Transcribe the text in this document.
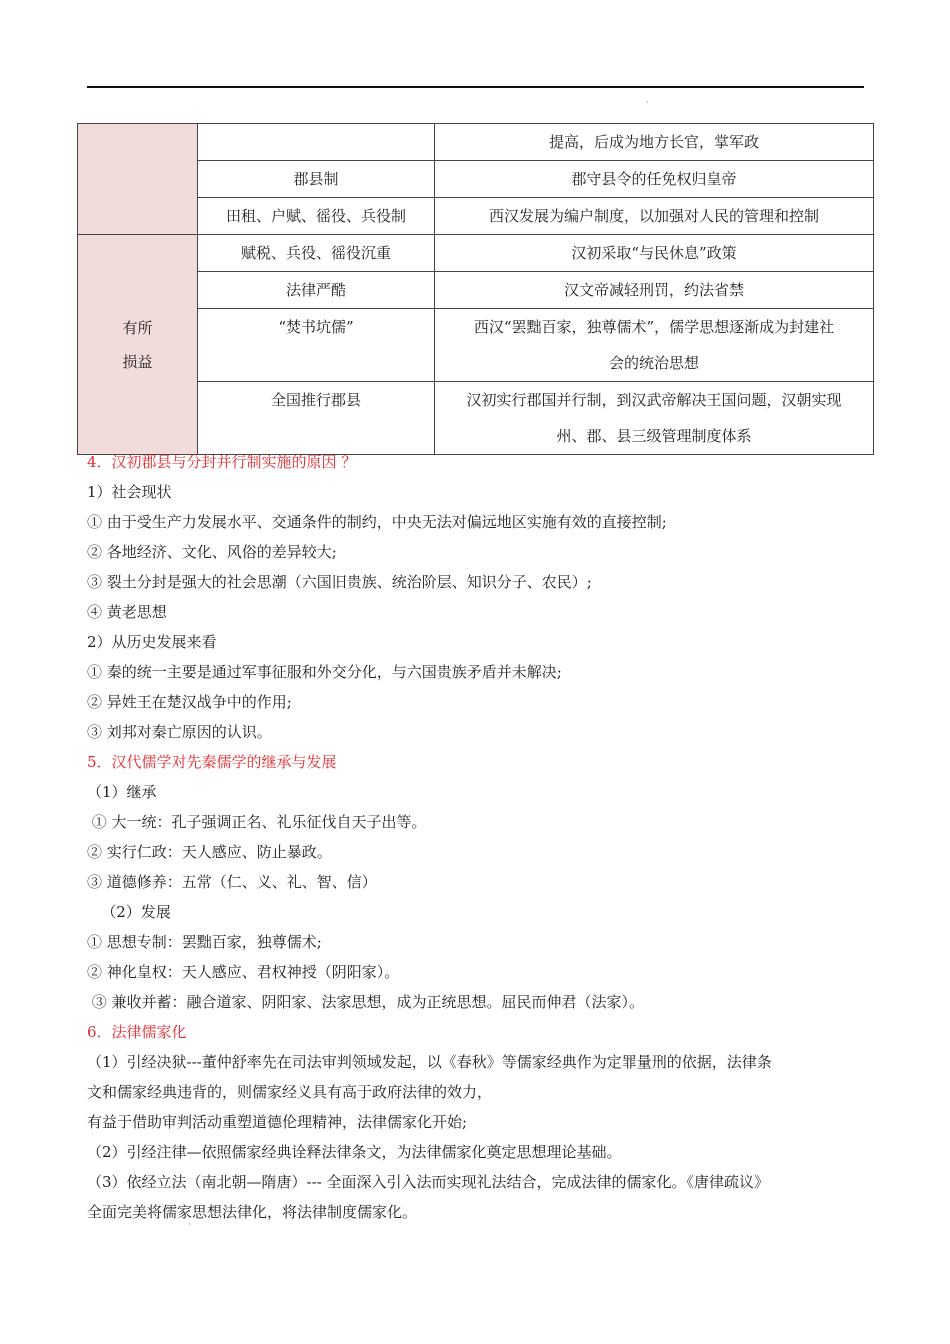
·
		提高，后成为地方长官，掌军政
	郡县制	郡守县令的任免权归皇帝
	田租、户赋、徭役、兵役制	西汉发展为编户制度，以加强对人民的管理和控制

有所
损益	赋税、兵役、徭役沉重	汉初采取“与民休息”政策
	法律严酷	汉文帝减轻刑罚，约法省禁
	“焚书坑儒”	西汉“罢黜百家，独尊儒术”，儒学思想逐渐成为封建社
会的统治思想

	全国推行郡县	汉初实行郡国并行制，到汉武帝解决王国问题，汉朝实现
州、郡、县三级管理制度体系
4．汉初郡县与分封并行制实施的原因 ？
1）社会现状
① 由于受生产力发展水平、交通条件的制约，中央无法对偏远地区实施有效的直接控制;
② 各地经济、文化、风俗的差异较大;
③ 裂土分封是强大的社会思潮（六国旧贵族、统治阶层、知识分子、农民）;
④ 黄老思想
2）从历史发展来看
① 秦的统一主要是通过军事征服和外交分化，与六国贵族矛盾并未解决;
② 异姓王在楚汉战争中的作用;
③ 刘邦对秦亡原因的认识。
5．汉代儒学对先秦儒学的继承与发展
（1）继承
① 大一统：孔子强调正名、礼乐征伐自天子出等。
② 实行仁政：天人感应、防止暴政。
③ 道德修养：五常（仁、义、礼、智、信）
（2）发展
① 思想专制：罢黜百家，独尊儒术;
② 神化皇权：天人感应、君权神授（阴阳家）。
③ 兼收并蓄：融合道家、阴阳家、法家思想，成为正统思想。屈民而伸君（法家）。
6．法律儒家化
（1）引经决狱---董仲舒率先在司法审判领域发起，以《春秋》等儒家经典作为定罪量刑的依据，法律条
文和儒家经典违背的，则儒家经义具有高于政府法律的效力，
有益于借助审判活动重塑道德伦理精神，法律儒家化开始;
（2）引经注律—依照儒家经典诠释法律条文，为法律儒家化奠定思想理论基础。
（3）依经立法（南北朝—隋唐）--- 全面深入引入法而实现礼法结合，完成法律的儒家化。《唐律疏议》
全面完美将儒家思想法律化，将法律制度儒家化。
·
